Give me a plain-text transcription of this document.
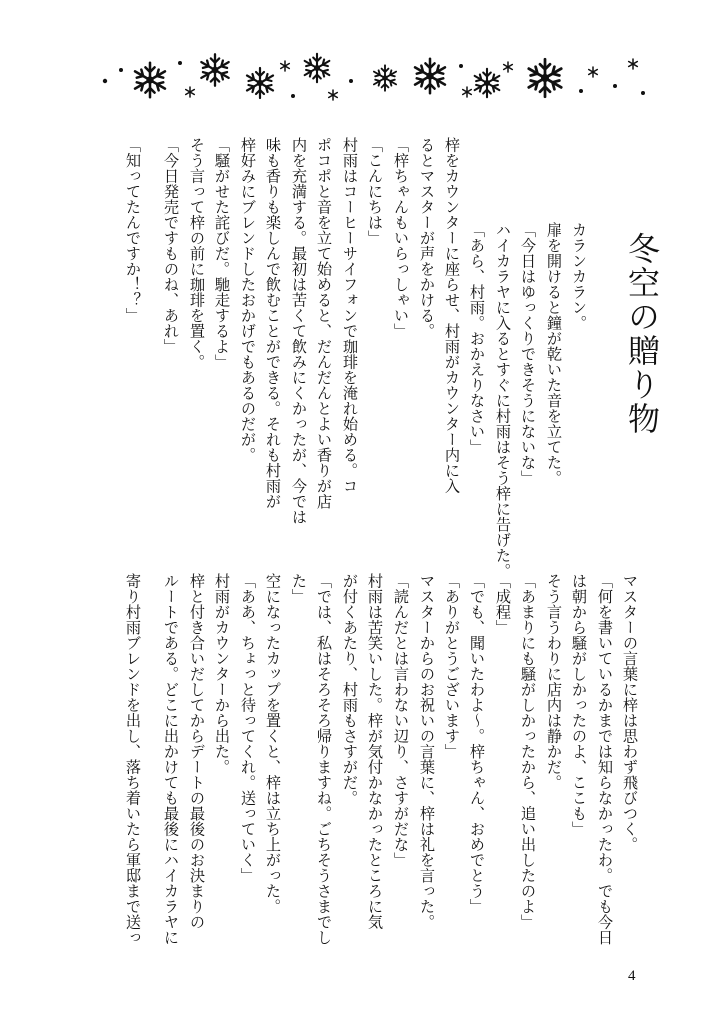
冬空の贈り物
カランカラン。
扉を開けると鐘が乾いた音を立てた。
「今日はゆっくりできそうにないな」
ハイカラヤに入るとすぐに村雨はそう梓に告げた。
「あら、村雨。おかえりなさい」
梓をカウンターに座らせ、村雨がカウンター内に入
るとマスターが声をかける。
「梓ちゃんもいらっしゃい」
「こんにちは」
村雨はコーヒーサイフォンで珈琲を淹れ始める。コ
ポコポと音を立て始めると、だんだんとよい香りが店
内を充満する。最初は苦くて飲みにくかったが、今では
味も香りも楽しんで飲むことができる。それも村雨が
梓好みにブレンドしたおかげでもあるのだが。
「騒がせた詫びだ。馳走するよ」
そう言って梓の前に珈琲を置く。
「今日発売ですものね、あれ」
「知ってたんですか！？」
マスターの言葉に梓は思わず飛びつく。
「何を書いているかまでは知らなかったわ。でも今日
は朝から騒がしかったのよ、ここも」
そう言うわりに店内は静かだ。
「あまりにも騒がしかったから、追い出したのよ」
「成程」
「でも、聞いたわよ〜。梓ちゃん、おめでとう」
「ありがとうございます」
マスターからのお祝いの言葉に、梓は礼を言った。
「読んだとは言わない辺り、さすがだな」
村雨は苦笑いした。梓が気付かなかったところに気
が付くあたり、村雨もさすがだ。
「では、私はそろそろ帰りますね。ごちそうさまでし
た」
空になったカップを置くと、梓は立ち上がった。
「ああ、ちょっと待ってくれ。送っていく」
村雨がカウンターから出た。
梓と付き合いだしてからデートの最後のお決まりの
ルートである。どこに出かけても最後にハイカラヤに
寄り村雨ブレンドを出し、落ち着いたら軍邸まで送っ
4
